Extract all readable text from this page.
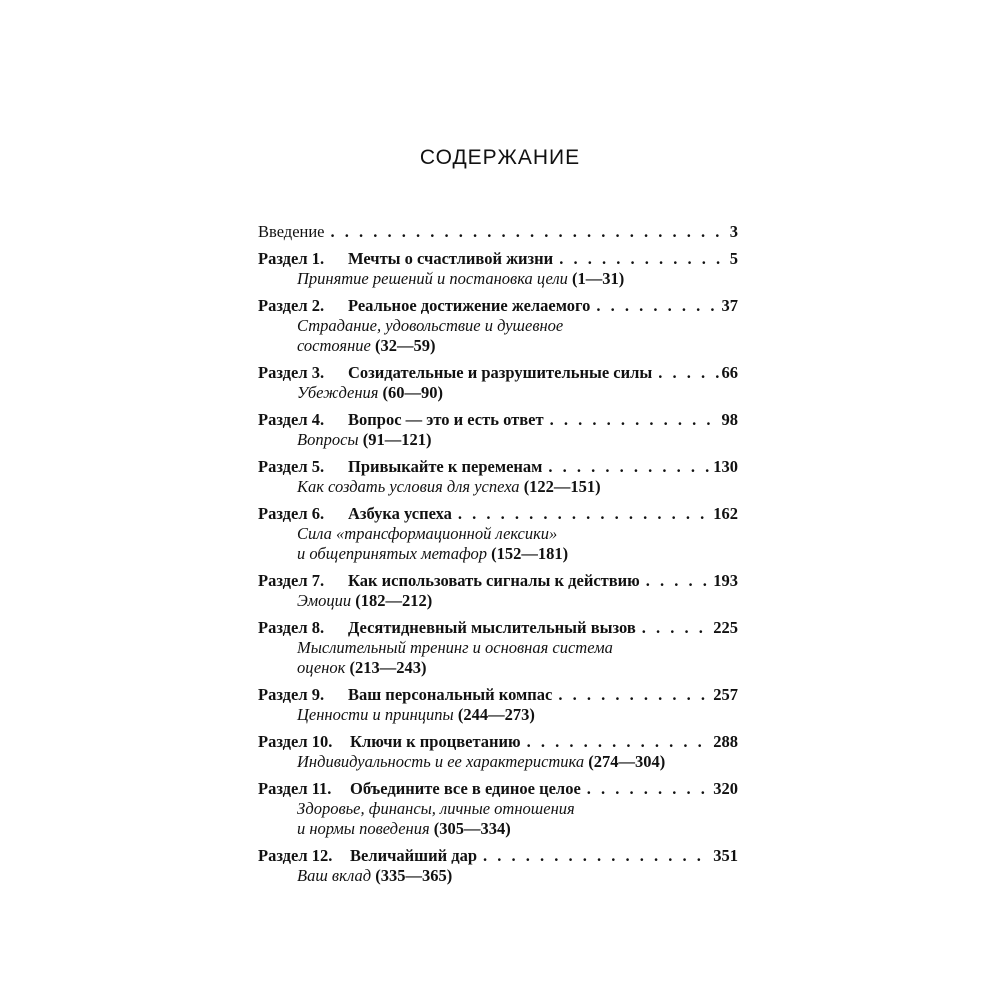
СОДЕРЖАНИЕ
Введение . . .	3
Раздел 1.	Мечты о счастливой жизни . . .	5
Принятие решений и постановка цели (1—31)
Раздел 2.	Реальное достижение желаемого . . .	37
Страдание, удовольствие и душевное
состояние (32—59)
Раздел 3.	Созидательные и разрушительные силы . . .	66
Убеждения (60—90)
Раздел 4.	Вопрос — это и есть ответ . . .	98
Вопросы (91—121)
Раздел 5.	Привыкайте к переменам . . .	130
Как создать условия для успеха (122—151)
Раздел 6.	Азбука успеха . . .	162
Сила «трансформационной лексики»
и общепринятых метафор (152—181)
Раздел 7.	Как использовать сигналы к действию . . .	193
Эмоции (182—212)
Раздел 8.	Десятидневный мыслительный вызов . . .	225
Мыслительный тренинг и основная система
оценок (213—243)
Раздел 9.	Ваш персональный компас . . .	257
Ценности и принципы (244—273)
Раздел 10.	Ключи к процветанию . . .	288
Индивидуальность и ее характеристика (274—304)
Раздел 11.	Объедините все в единое целое . . .	320
Здоровье, финансы, личные отношения
и нормы поведения (305—334)
Раздел 12.	Величайший дар . . .	351
Ваш вклад (335—365)
